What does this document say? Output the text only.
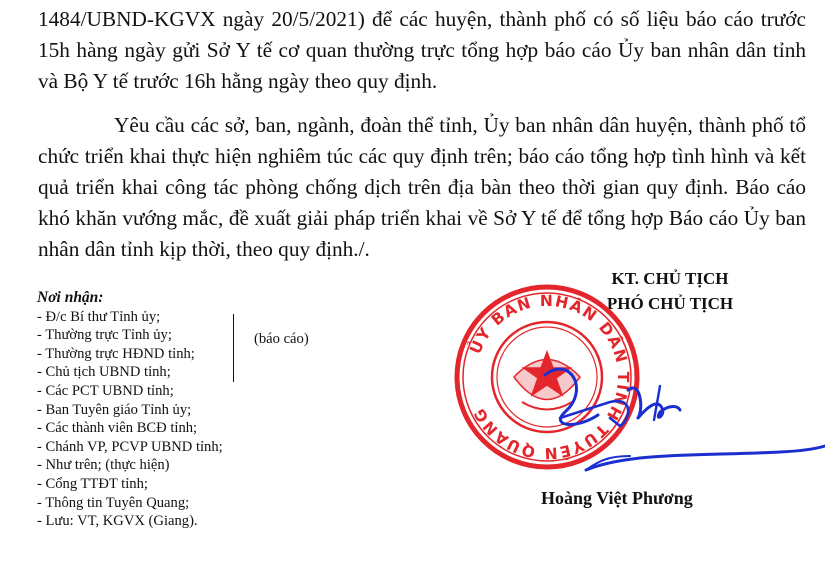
1484/UBND-KGVX ngày 20/5/2021) để các huyện, thành phố có số liệu báo cáo trước 15h hàng ngày gửi Sở Y tế cơ quan thường trực tổng hợp báo cáo Ủy ban nhân dân tỉnh và Bộ Y tế trước 16h hằng ngày theo quy định.

Yêu cầu các sở, ban, ngành, đoàn thể tỉnh, Ủy ban nhân dân huyện, thành phố tổ chức triển khai thực hiện nghiêm túc các quy định trên; báo cáo tổng hợp tình hình và kết quả triển khai công tác phòng chống dịch trên địa bàn theo thời gian quy định. Báo cáo khó khăn vướng mắc, đề xuất giải pháp triển khai về Sở Y tế để tổng hợp Báo cáo Ủy ban nhân dân tỉnh kịp thời, theo quy định./.

Nơi nhận:
- Đ/c Bí thư Tỉnh ủy;
- Thường trực Tỉnh ủy;
- Thường trực HĐND tỉnh;
- Chủ tịch UBND tỉnh;
- Các PCT UBND tỉnh;
- Ban Tuyên giáo Tỉnh ủy;
- Các thành viên BCĐ tỉnh;
- Chánh VP, PCVP UBND tỉnh;
- Như trên; (thực hiện)
- Cổng TTĐT tỉnh;
- Thông tin Tuyên Quang;
- Lưu: VT, KGVX (Giang).
(báo cáo)
KT. CHỦ TỊCH
PHÓ CHỦ TỊCH
ỦY BAN NHÂN DÂN TỈNH TUYÊN QUANG
Hoàng Việt Phương
